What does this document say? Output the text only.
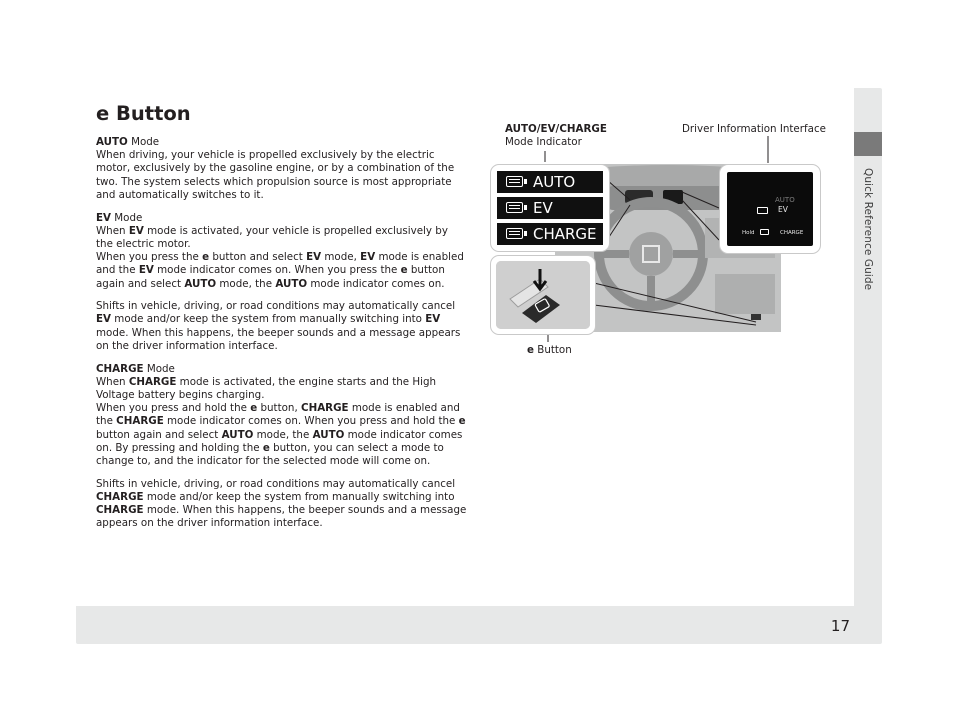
Quick Reference Guide
e Button

AUTO Mode
When driving, your vehicle is propelled exclusively by the electric motor, exclusively by the gasoline engine, or by a combination of the two. The system selects which propulsion source is most appropriate and automatically switches to it.

EV Mode
When EV mode is activated, your vehicle is propelled exclusively by the electric motor.
When you press the e button and select EV mode, EV mode is enabled and the EV mode indicator comes on. When you press the e button again and select AUTO mode, the AUTO mode indicator comes on.

Shifts in vehicle, driving, or road conditions may automatically cancel EV mode and/or keep the system from manually switching into EV mode. When this happens, the beeper sounds and a message appears on the driver information interface.

CHARGE Mode
When CHARGE mode is activated, the engine starts and the High Voltage battery begins charging.
When you press and hold the e button, CHARGE mode is enabled and the CHARGE mode indicator comes on. When you press and hold the e button again and select AUTO mode, the AUTO mode indicator comes on. By pressing and holding the e button, you can select a mode to change to, and the indicator for the selected mode will come on.

Shifts in vehicle, driving, or road conditions may automatically cancel CHARGE mode and/or keep the system from manually switching into CHARGE mode. When this happens, the beeper sounds and a message appears on the driver information interface.

AUTO/EV/CHARGE
Mode Indicator
Driver Information Interface
e Button
AUTO
EV
CHARGE
AUTO
EV
Hold	CHARGE
17
